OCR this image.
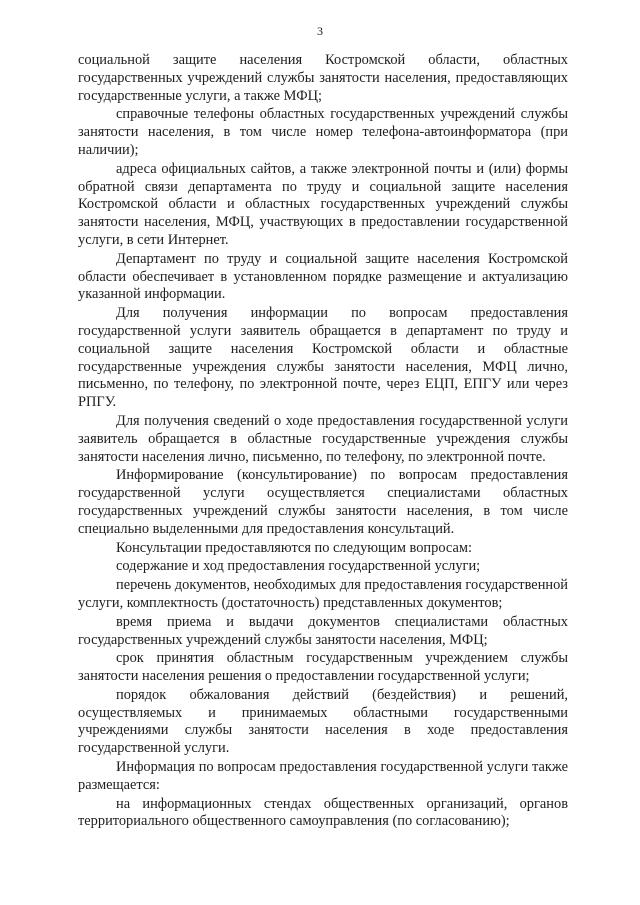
3

социальной защите населения Костромской области, областных государственных учреждений службы занятости населения, предоставляющих государственные услуги, а также МФЦ;

справочные телефоны областных государственных учреждений службы занятости населения, в том числе номер телефона-автоинформатора (при наличии);

адреса официальных сайтов, а также электронной почты и (или) формы обратной связи департамента по труду и социальной защите населения Костромской области и областных государственных учреждений службы занятости населения, МФЦ, участвующих в предоставлении государственной услуги, в сети Интернет.

Департамент по труду и социальной защите населения Костромской области обеспечивает в установленном порядке размещение и актуализацию указанной информации.

Для получения информации по вопросам предоставления государственной услуги заявитель обращается в департамент по труду и социальной защите населения Костромской области и областные государственные учреждения службы занятости населения, МФЦ лично, письменно, по телефону, по электронной почте, через ЕЦП, ЕПГУ или через РПГУ.

Для получения сведений о ходе предоставления государственной услуги заявитель обращается в областные государственные учреждения службы занятости населения лично, письменно, по телефону, по электронной почте.

Информирование (консультирование) по вопросам предоставления государственной услуги осуществляется специалистами областных государственных учреждений службы занятости населения, в том числе специально выделенными для предоставления консультаций.

Консультации предоставляются по следующим вопросам:

содержание и ход предоставления государственной услуги;

перечень документов, необходимых для предоставления государственной услуги, комплектность (достаточность) представленных документов;

время приема и выдачи документов специалистами областных государственных учреждений службы занятости населения, МФЦ;

срок принятия областным государственным учреждением службы занятости населения решения о предоставлении государственной услуги;

порядок обжалования действий (бездействия) и решений, осуществляемых и принимаемых областными государственными учреждениями службы занятости населения в ходе предоставления государственной услуги.

Информация по вопросам предоставления государственной услуги также размещается:

на информационных стендах общественных организаций, органов территориального общественного самоуправления (по согласованию);
